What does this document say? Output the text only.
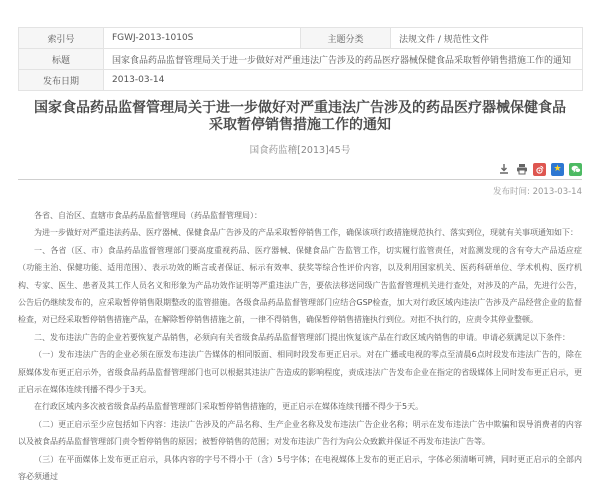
索引号	FGWJ-2013-1010S	主题分类	法规文件 / 规范性文件
标题	国家食品药品监督管理局关于进一步做好对严重违法广告涉及的药品医疗器械保健食品采取暂停销售措施工作的通知		
发布日期	2013-03-14		
国家食品药品监督管理局关于进一步做好对严重违法广告涉及的药品医疗器械保健食品采取暂停销售措施工作的通知
国食药监稽[2013]45号
★
发布时间: 2013-03-14

各省、自治区、直辖市食品药品监督管理局（药品监督管理局）：

为进一步做好对严重违法药品、医疗器械、保健食品广告涉及的产品采取暂停销售工作，确保该项行政措施规范执行、落实到位，现就有关事项通知如下：

一、各省（区、市）食品药品监督管理部门要高度重视药品、医疗器械、保健食品广告监管工作，切实履行监管责任，对监测发现的含有夸大产品适应症（功能主治、保健功能、适用范围）、表示功效的断言或者保证、标示有效率、获奖等综合性评价内容，以及利用国家机关、医药科研单位、学术机构、医疗机构、专家、医生、患者及其工作人员名义和形象为产品功效作证明等严重违法广告，要依法移送同级广告监督管理机关进行查处，对涉及的产品，先进行公告，公告后仍继续发布的，应采取暂停销售限期整改的监管措施。各级食品药品监督管理部门应结合GSP检查，加大对行政区域内违法广告涉及产品经营企业的监督检查，对已经采取暂停销售措施产品，在解除暂停销售措施之前，一律不得销售，确保暂停销售措施执行到位。对拒不执行的，应责令其停业整顿。

二、发布违法广告的企业若要恢复产品销售，必须向有关省级食品药品监督管理部门提出恢复该产品在行政区域内销售的申请。申请必须满足以下条件：

（一）发布违法广告的企业必须在原发布违法广告媒体的相同版面、相同时段发布更正启示。对在广播或电视的零点至清晨6点时段发布违法广告的，除在原媒体发布更正启示外，省级食品药品监督管理部门也可以根据其违法广告造成的影响程度，责成违法广告发布企业在指定的省级媒体上同时发布更正启示，更正启示在媒体连续刊播不得少于3天。

在行政区域内多次被省级食品药品监督管理部门采取暂停销售措施的，更正启示在媒体连续刊播不得少于5天。

（二）更正启示至少应包括如下内容：违法广告涉及的产品名称、生产企业名称及发布违法广告企业名称；明示在发布违法广告中欺骗和误导消费者的内容以及被食品药品监督管理部门责令暂停销售的原因；被暂停销售的范围；对发布违法广告行为向公众致歉并保证不再发布违法广告等。

（三）在平面媒体上发布更正启示，具体内容的字号不得小于（含）5号字体；在电视媒体上发布的更正启示，字体必须清晰可辨，同时更正启示的全部内容必须通过
